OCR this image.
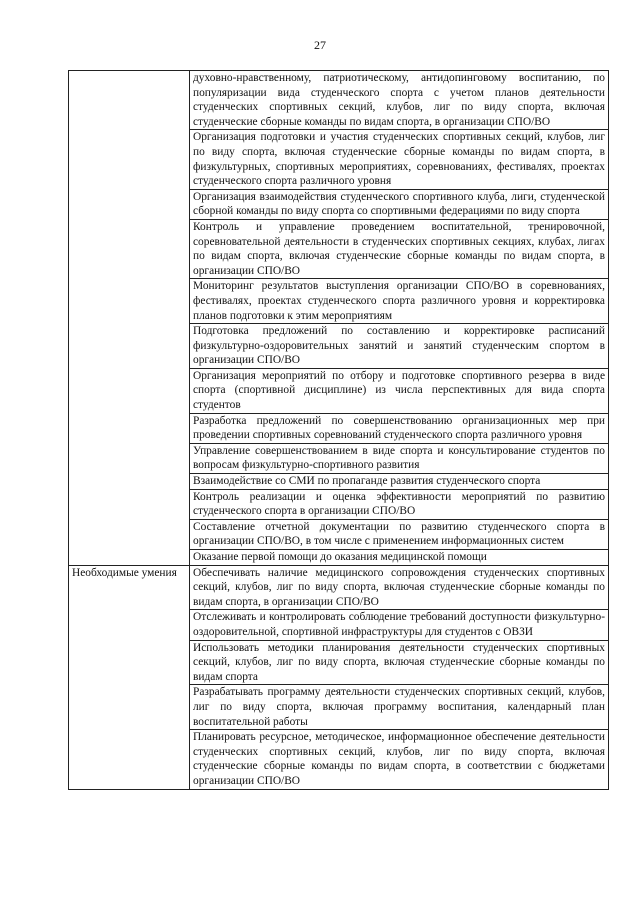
27
	духовно-нравственному, патриотическому, антидопинговому воспитанию, по популяризации вида студенческого спорта с учетом планов деятельности студенческих спортивных секций, клубов, лиг по виду спорта, включая студенческие сборные команды по видам спорта, в организации СПО/ВО
	Организация подготовки и участия студенческих спортивных секций, клубов, лиг по виду спорта, включая студенческие сборные команды по видам спорта, в физкультурных, спортивных мероприятиях, соревнованиях, фестивалях, проектах студенческого спорта различного уровня
	Организация взаимодействия студенческого спортивного клуба, лиги, студенческой сборной команды по виду спорта со спортивными федерациями по виду спорта
	Контроль и управление проведением воспитательной, тренировочной, соревновательной деятельности в студенческих спортивных секциях, клубах, лигах по видам спорта, включая студенческие сборные команды по видам спорта, в организации СПО/ВО
	Мониторинг результатов выступления организации СПО/ВО в соревнованиях, фестивалях, проектах студенческого спорта различного уровня и корректировка планов подготовки к этим мероприятиям
	Подготовка предложений по составлению и корректировке расписаний физкультурно-оздоровительных занятий и занятий студенческим спортом в организации СПО/ВО
	Организация мероприятий по отбору и подготовке спортивного резерва в виде спорта (спортивной дисциплине) из числа перспективных для вида спорта студентов
	Разработка предложений по совершенствованию организационных мер при проведении спортивных соревнований студенческого спорта различного уровня
	Управление совершенствованием в виде спорта и консультирование студентов по вопросам физкультурно-спортивного развития
	Взаимодействие со СМИ по пропаганде развития студенческого спорта
	Контроль реализации и оценка эффективности мероприятий по развитию студенческого спорта в организации СПО/ВО
	Составление отчетной документации по развитию студенческого спорта в организации СПО/ВО, в том числе с применением информационных систем
	Оказание первой помощи до оказания медицинской помощи
Необходимые умения	Обеспечивать наличие медицинского сопровождения студенческих спортивных секций, клубов, лиг по виду спорта, включая студенческие сборные команды по видам спорта, в организации СПО/ВО
	Отслеживать и контролировать соблюдение требований доступности физкультурно-оздоровительной, спортивной инфраструктуры для студентов с ОВЗИ
	Использовать методики планирования деятельности студенческих спортивных секций, клубов, лиг по виду спорта, включая студенческие сборные команды по видам спорта
	Разрабатывать программу деятельности студенческих спортивных секций, клубов, лиг по виду спорта, включая программу воспитания, календарный план воспитательной работы
	Планировать ресурсное, методическое, информационное обеспечение деятельности студенческих спортивных секций, клубов, лиг по виду спорта, включая студенческие сборные команды по видам спорта, в соответствии с бюджетами организации СПО/ВО
